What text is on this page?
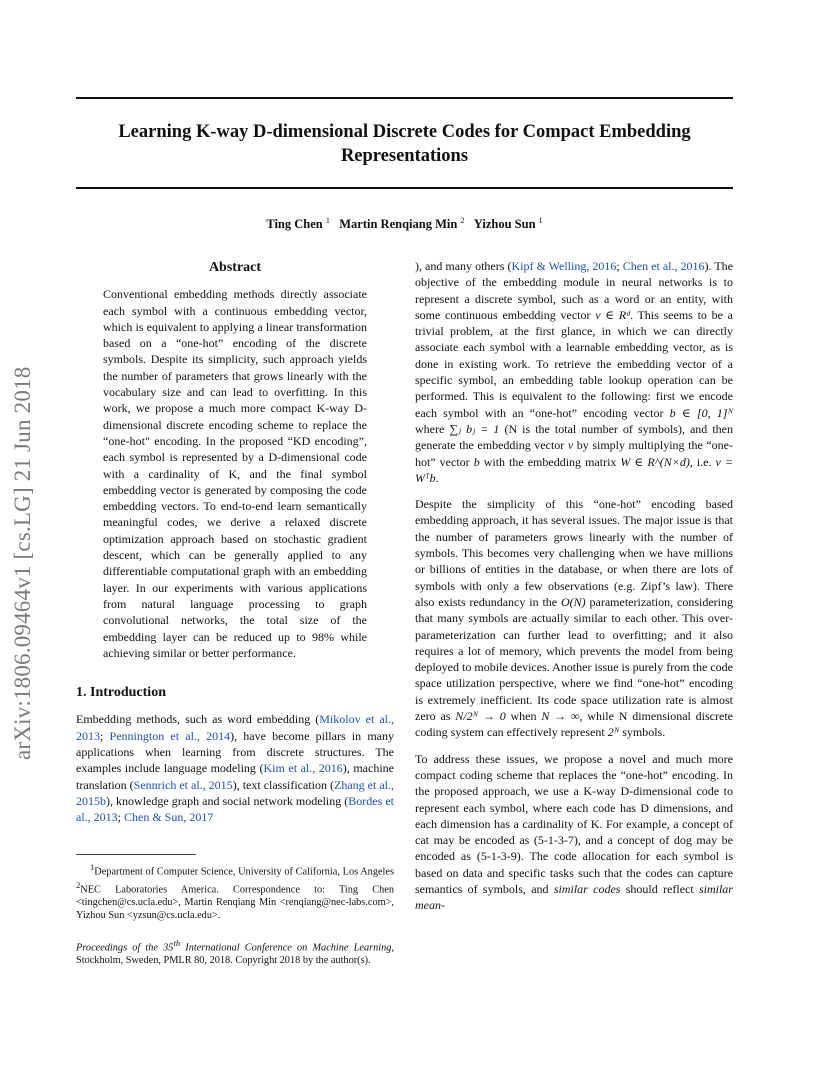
Learning K-way D-dimensional Discrete Codes for Compact Embedding Representations
Ting Chen $^1$ Martin Renqiang Min $^2$ Yizhou Sun $^1$
arXiv:1806.09464v1 [cs.LG] 21 Jun 2018
Abstract
Conventional embedding methods directly associate each symbol with a continuous embedding vector, which is equivalent to applying a linear transformation based on a “one-hot” encoding of the discrete symbols. Despite its simplicity, such approach yields the number of parameters that grows linearly with the vocabulary size and can lead to overfitting. In this work, we propose a much more compact K-way D-dimensional discrete encoding scheme to replace the “one-hot" encoding. In the proposed “KD encoding”, each symbol is represented by a D-dimensional code with a cardinality of K, and the final symbol embedding vector is generated by composing the code embedding vectors. To end-to-end learn semantically meaningful codes, we derive a relaxed discrete optimization approach based on stochastic gradient descent, which can be generally applied to any differentiable computational graph with an embedding layer. In our experiments with various applications from natural language processing to graph convolutional networks, the total size of the embedding layer can be reduced up to 98% while achieving similar or better performance.
1. Introduction

Embedding methods, such as word embedding (Mikolov et al., 2013; Pennington et al., 2014), have become pillars in many applications when learning from discrete structures. The examples include language modeling (Kim et al., 2016), machine translation (Sennrich et al., 2015), text classification (Zhang et al., 2015b), knowledge graph and social network modeling (Bordes et al., 2013; Chen & Sun, 2017

$^1$Department of Computer Science, University of California, Los Angeles $^2$NEC Laboratories America. Correspondence to: Ting Chen <tingchen@cs.ucla.edu>, Martin Renqiang Min <renqiang@nec-labs.com>, Yizhou Sun <yzsun@cs.ucla.edu>.

Proceedings of the 35th International Conference on Machine Learning, Stockholm, Sweden, PMLR 80, 2018. Copyright 2018 by the author(s).

), and many others (Kipf & Welling, 2016; Chen et al., 2016). The objective of the embedding module in neural networks is to represent a discrete symbol, such as a word or an entity, with some continuous embedding vector v ∈ Rᵈ. This seems to be a trivial problem, at the first glance, in which we can directly associate each symbol with a learnable embedding vector, as is done in existing work. To retrieve the embedding vector of a specific symbol, an embedding table lookup operation can be performed. This is equivalent to the following: first we encode each symbol with an “one-hot” encoding vector b ∈ [0, 1]ᴺ where ∑ⱼ bⱼ = 1 (N is the total number of symbols), and then generate the embedding vector v by simply multiplying the “one-hot” vector b with the embedding matrix W ∈ R^(N×d), i.e. v = Wᵀb.

Despite the simplicity of this “one-hot” encoding based embedding approach, it has several issues. The major issue is that the number of parameters grows linearly with the number of symbols. This becomes very challenging when we have millions or billions of entities in the database, or when there are lots of symbols with only a few observations (e.g. Zipf’s law). There also exists redundancy in the O(N) parameterization, considering that many symbols are actually similar to each other. This over-parameterization can further lead to overfitting; and it also requires a lot of memory, which prevents the model from being deployed to mobile devices. Another issue is purely from the code space utilization perspective, where we find “one-hot” encoding is extremely inefficient. Its code space utilization rate is almost zero as N/2ᴺ → 0 when N → ∞, while N dimensional discrete coding system can effectively represent 2ᴺ symbols.

To address these issues, we propose a novel and much more compact coding scheme that replaces the “one-hot” encoding. In the proposed approach, we use a K-way D-dimensional code to represent each symbol, where each code has D dimensions, and each dimension has a cardinality of K. For example, a concept of cat may be encoded as (5-1-3-7), and a concept of dog may be encoded as (5-1-3-9). The code allocation for each symbol is based on data and specific tasks such that the codes can capture semantics of symbols, and similar codes should reflect similar mean-
